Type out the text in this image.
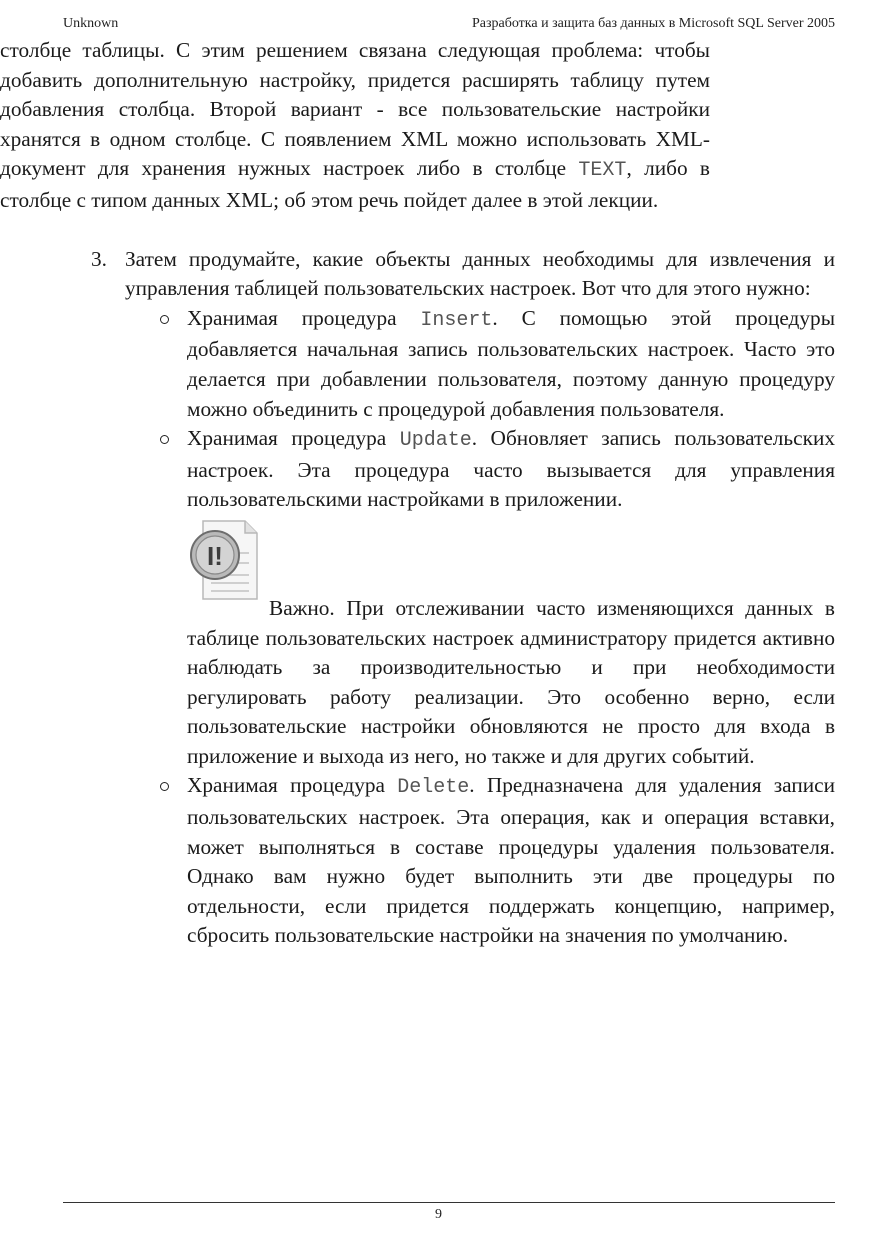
Unknown	Разработка и защита баз данных в Microsoft SQL Server 2005

столбце таблицы. С этим решением связана следующая проблема: чтобы добавить дополнительную настройку, придется расширять таблицу путем добавления столбца. Второй вариант - все пользовательские настройки хранятся в одном столбце. С появлением XML можно использовать XML-документ для хранения нужных настроек либо в столбце TEXT, либо в столбце с типом данных XML; об этом речь пойдет далее в этой лекции.

3. Затем продумайте, какие объекты данных необходимы для извлечения и управления таблицей пользовательских настроек. Вот что для этого нужно:
Хранимая процедура Insert. С помощью этой процедуры добавляется начальная запись пользовательских настроек. Часто это делается при добавлении пользователя, поэтому данную процедуру можно объединить с процедурой добавления пользователя.
Хранимая процедура Update. Обновляет запись пользовательских настроек. Эта процедура часто вызывается для управления пользовательскими настройками в приложении.
I!
Важно. При отслеживании часто изменяющихся данных в таблице пользовательских настроек администратору придется активно наблюдать за производительностью и при необходимости регулировать работу реализации. Это особенно верно, если пользовательские настройки обновляются не просто для входа в приложение и выхода из него, но также и для других событий.
Хранимая процедура Delete. Предназначена для удаления записи пользовательских настроек. Эта операция, как и операция вставки, может выполняться в составе процедуры удаления пользователя. Однако вам нужно будет выполнить эти две процедуры по отдельности, если придется поддержать концепцию, например, сбросить пользовательские настройки на значения по умолчанию.
9
